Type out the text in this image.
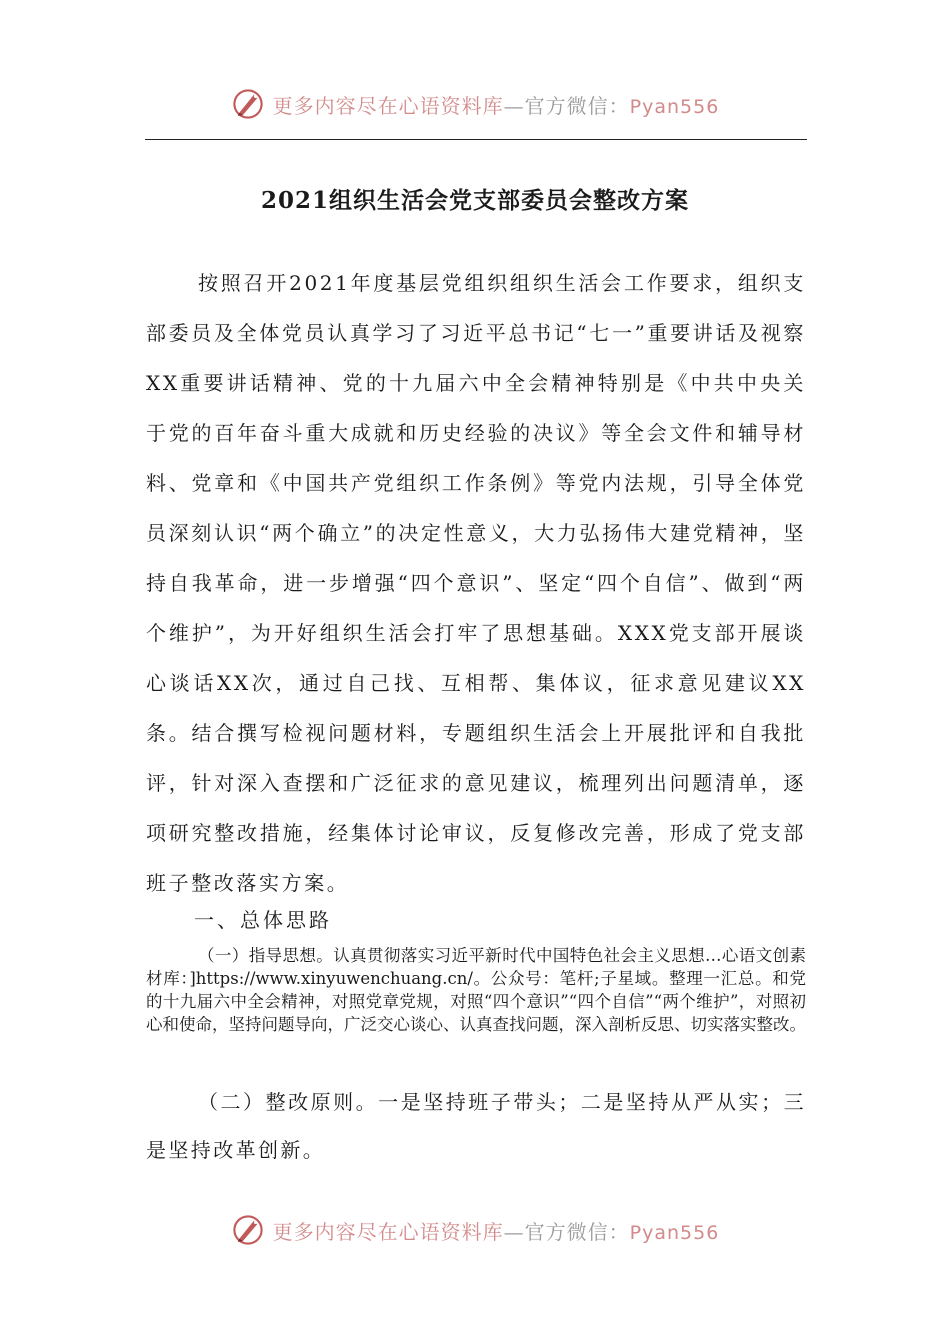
更多内容尽在心语资料库—官方微信：Pyan556
2021组织生活会党支部委员会整改方案
按照召开2021年度基层党组织组织生活会工作要求，组织支部委员及全体党员认真学习了习近平总书记“七一”重要讲话及视察XX重要讲话精神、党的十九届六中全会精神特别是《中共中央关于党的百年奋斗重大成就和历史经验的决议》等全会文件和辅导材料、党章和《中国共产党组织工作条例》等党内法规，引导全体党员深刻认识“两个确立”的决定性意义，大力弘扬伟大建党精神，坚持自我革命，进一步增强“四个意识”、坚定“四个自信”、做到“两个维护”，为开好组织生活会打牢了思想基础。XXX党支部开展谈心谈话XX次，通过自己找、互相帮、集体议，征求意见建议XX条。结合撰写检视问题材料，专题组织生活会上开展批评和自我批评，针对深入查摆和广泛征求的意见建议，梳理列出问题清单，逐项研究整改措施，经集体讨论审议，反复修改完善，形成了党支部班子整改落实方案。
一、总体思路
（一）指导思想。认真贯彻落实习近平新时代中国特色社会主义思想…心语文创素材库：]https://www.xinyuwenchuang.cn/。公众号：笔杆;子星域。整理一汇总。和党的十九届六中全会精神，对照党章党规，对照“四个意识”“四个自信”“两个维护”，对照初心和使命，坚持问题导向，广泛交心谈心、认真查找问题，深入剖析反思、切实落实整改。
（二）整改原则。一是坚持班子带头；二是坚持从严从实；三是坚持改革创新。
更多内容尽在心语资料库—官方微信：Pyan556
